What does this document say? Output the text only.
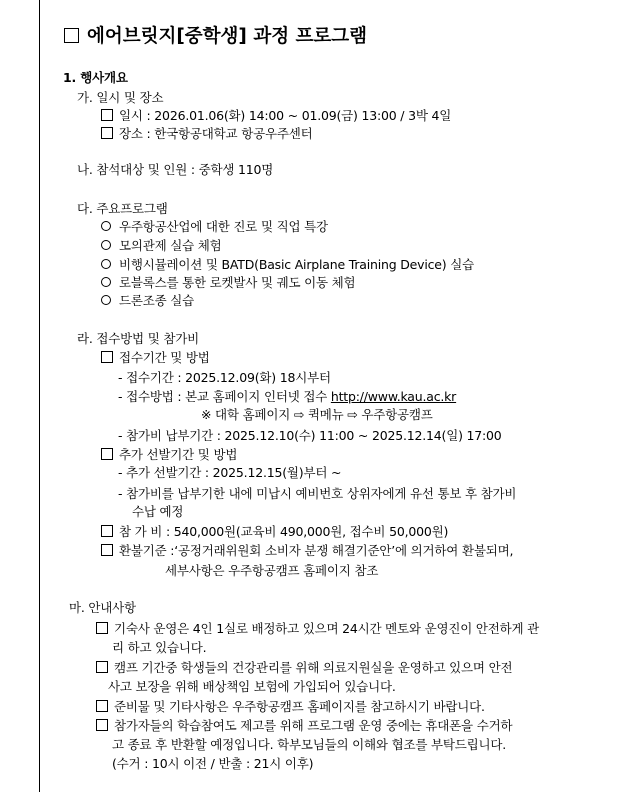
에어브릿지[중학생] 과정 프로그램
1. 행사개요
가. 일시 및 장소
일시 : 2026.01.06(화) 14:00 ~ 01.09(금) 13:00 / 3박 4일
장소 : 한국항공대학교 항공우주센터
나. 참석대상 및 인원 : 중학생 110명
다. 주요프로그램
우주항공산업에 대한 진로 및 직업 특강
모의관제 실습 체험
비행시뮬레이션 및 BATD(Basic Airplane Training Device) 실습
로블록스를 통한 로켓발사 및 궤도 이동 체험
드론조종 실습
라. 접수방법 및 참가비
접수기간 및 방법
- 접수기간 : 2025.12.09(화) 18시부터
- 접수방법 : 본교 홈페이지 인터넷 접수 http://www.kau.ac.kr
※ 대학 홈페이지 ⇨ 퀵메뉴 ⇨ 우주항공캠프
- 참가비 납부기간 : 2025.12.10(수) 11:00 ~ 2025.12.14(일) 17:00
추가 선발기간 및 방법
- 추가 선발기간 : 2025.12.15(월)부터 ~
- 참가비를 납부기한 내에 미납시 예비번호 상위자에게 유선 통보 후 참가비
수납 예정
참 가 비 : 540,000원(교육비 490,000원, 접수비 50,000원)
환불기준 :‘공정거래위원회 소비자 분쟁 해결기준안’에 의거하여 환불되며,
세부사항은 우주항공캠프 홈페이지 참조
마. 안내사항
기숙사 운영은 4인 1실로 배정하고 있으며 24시간 멘토와 운영진이 안전하게 관
리 하고 있습니다.
캠프 기간중 학생들의 건강관리를 위해 의료지원실을 운영하고 있으며 안전
사고 보장을 위해 배상책임 보험에 가입되어 있습니다.
준비물 및 기타사항은 우주항공캠프 홈페이지를 참고하시기 바랍니다.
참가자들의 학습참여도 제고를 위해 프로그램 운영 중에는 휴대폰을 수거하
고 종료 후 반환할 예정입니다. 학부모님들의 이해와 협조를 부탁드립니다.
(수거 : 10시 이전 / 반출 : 21시 이후)
